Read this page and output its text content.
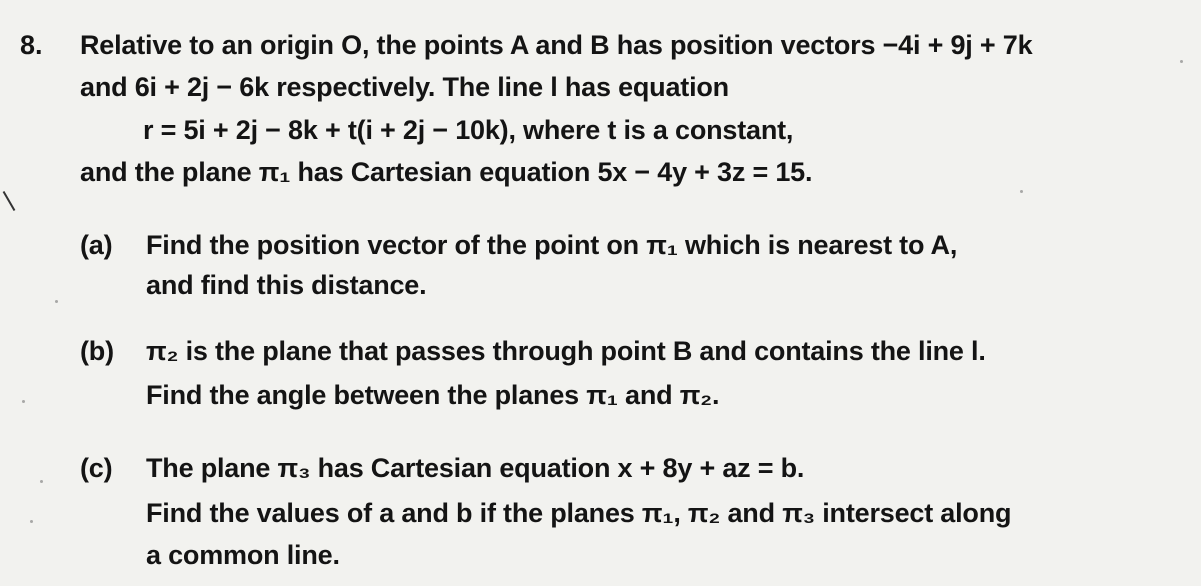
8. Relative to an origin O, the points A and B has position vectors −4i + 9j + 7k
and 6i + 2j − 6k respectively. The line l has equation
r = 5i + 2j − 8k + t(i + 2j − 10k), where t is a constant,
and the plane π₁ has Cartesian equation 5x − 4y + 3z = 15.
(a) Find the position vector of the point on π₁ which is nearest to A,
and find this distance.
(b) π₂ is the plane that passes through point B and contains the line l.
Find the angle between the planes π₁ and π₂.
(c) The plane π₃ has Cartesian equation x + 8y + az = b.
Find the values of a and b if the planes π₁, π₂ and π₃ intersect along
a common line.
